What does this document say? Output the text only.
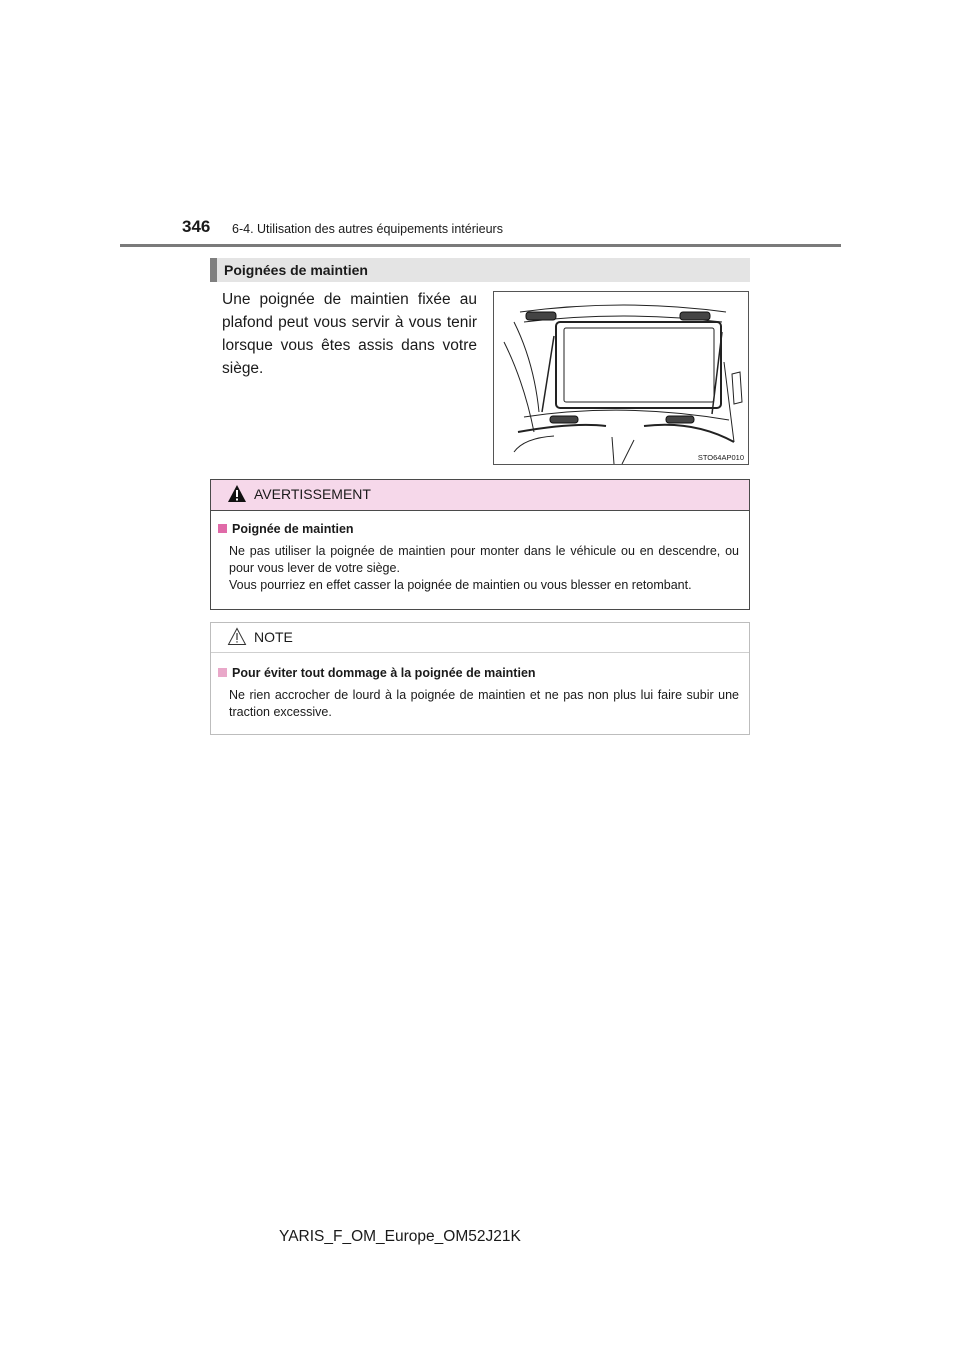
346 6-4. Utilisation des autres équipements intérieurs
Poignées de maintien
Une poignée de maintien fixée au plafond peut vous servir à vous tenir lorsque vous êtes assis dans votre siège.
STO64AP010
AVERTISSEMENT
Poignée de maintien
Ne pas utiliser la poignée de maintien pour monter dans le véhicule ou en descendre, ou pour vous lever de votre siège.
Vous pourriez en effet casser la poignée de maintien ou vous blesser en retombant.
NOTE
Pour éviter tout dommage à la poignée de maintien
Ne rien accrocher de lourd à la poignée de maintien et ne pas non plus lui faire subir une traction excessive.
YARIS_F_OM_Europe_OM52J21K
